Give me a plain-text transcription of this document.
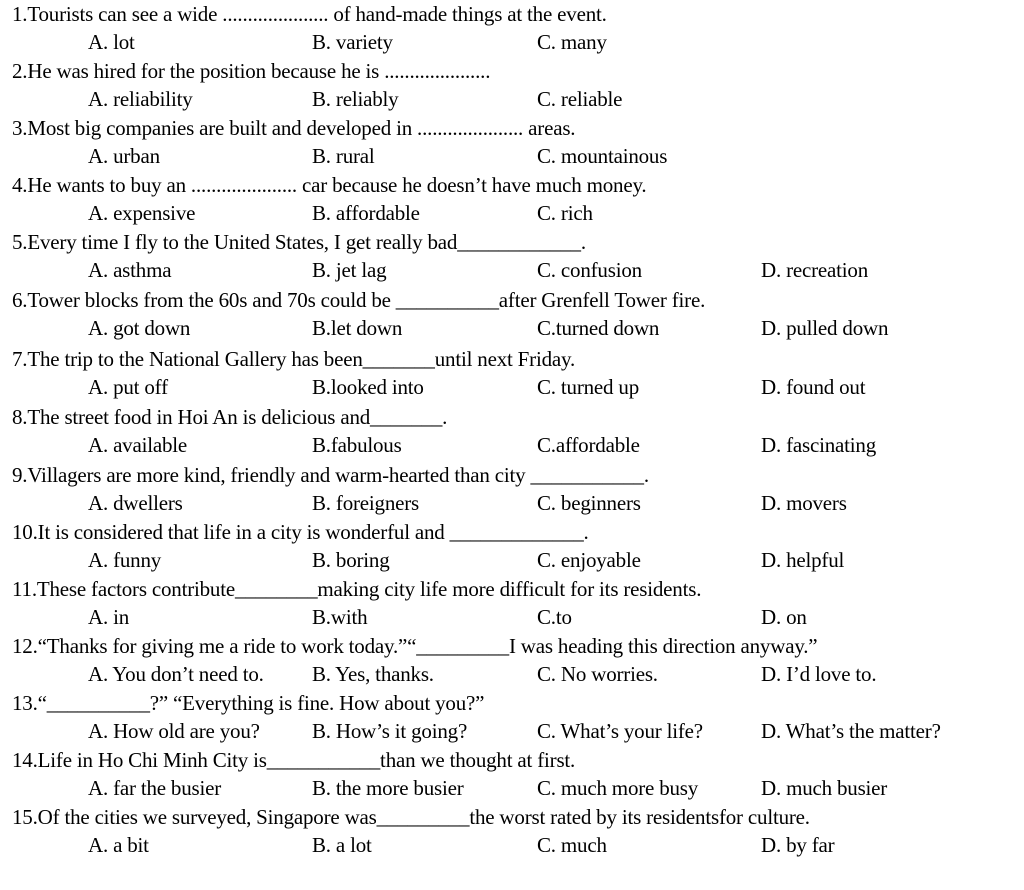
1.Tourists can see a wide ..................... of hand-made things at the event.
A. lot	B. variety	C. many
2.He was hired for the position because he is .....................
A. reliability	B. reliably	C. reliable
3.Most big companies are built and developed in ..................... areas.
A. urban	B. rural	C. mountainous
4.He wants to buy an ..................... car because he doesn’t have much money.
A. expensive	B. affordable	C. rich
5.Every time I fly to the United States, I get really bad____________.
A. asthma	B. jet lag	C. confusion	D. recreation
6.Tower blocks from the 60s and 70s could be __________after Grenfell Tower fire.
A. got down	B.let down	C.turned down	D. pulled down
7.The trip to the National Gallery has been_______until next Friday.
A. put off	B.looked into	C. turned up	D. found out
8.The street food in Hoi An is delicious and_______.
A. available	B.fabulous	C.affordable	D. fascinating
9.Villagers are more kind, friendly and warm-hearted than city ___________.
A. dwellers	B. foreigners	C. beginners	D. movers
10.It is considered that life in a city is wonderful and _____________.
A. funny	B. boring	C. enjoyable	D. helpful
11.These factors contribute________making city life more difficult for its residents.
A. in	B.with	C.to	D. on
12.“Thanks for giving me a ride to work today.”“_________I was heading this direction anyway.”
A. You don’t need to. B. Yes, thanks.	C. No worries.	D. I’d love to.
13.“__________?” “Everything is fine. How about you?”
A. How old are you? B. How’s it going?	C. What’s your life?	D. What’s the matter?
14.Life in Ho Chi Minh City is___________than we thought at first.
A. far the busier	B. the more busier	C. much more busy	D. much busier
15.Of the cities we surveyed, Singapore was_________the worst rated by its residentsfor culture.
A. a bit	B. a lot	C. much	D. by far
